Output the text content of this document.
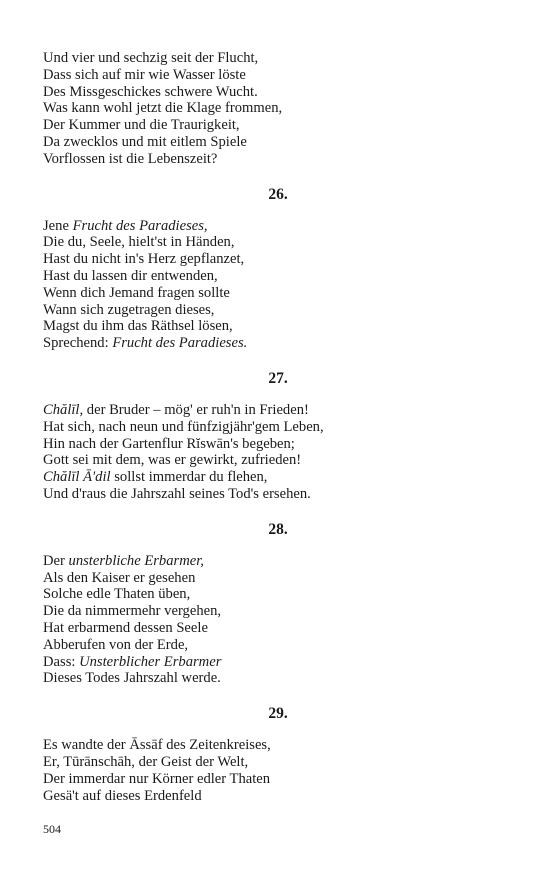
Und vier und sechzig seit der Flucht,
Dass sich auf mir wie Wasser löste
Des Missgeschickes schwere Wucht.
Was kann wohl jetzt die Klage frommen,
Der Kummer und die Traurigkeit,
Da zwecklos und mit eitlem Spiele
Vorflossen ist die Lebenszeit?
26.
Jene Frucht des Paradieses,
Die du, Seele, hielt'st in Händen,
Hast du nicht in's Herz gepflanzet,
Hast du lassen dir entwenden,
Wenn dich Jemand fragen sollte
Wann sich zugetragen dieses,
Magst du ihm das Räthsel lösen,
Sprechend: Frucht des Paradieses.
27.
Chălīl, der Bruder – mög' er ruh'n in Frieden!
Hat sich, nach neun und fünfzigjähr'gem Leben,
Hin nach der Gartenflur Rĭswān's begeben;
Gott sei mit dem, was er gewirkt, zufrieden!
Chălīl Ā'dil sollst immerdar du flehen,
Und d'raus die Jahrszahl seines Tod's ersehen.
28.
Der unsterbliche Erbarmer,
Als den Kaiser er gesehen
Solche edle Thaten üben,
Die da nimmermehr vergehen,
Hat erbarmend dessen Seele
Abberufen von der Erde,
Dass: Unsterblicher Erbarmer
Dieses Todes Jahrszahl werde.
29.
Es wandte der Āssāf des Zeitenkreises,
Er, Tūrānschāh, der Geist der Welt,
Der immerdar nur Körner edler Thaten
Gesä't auf dieses Erdenfeld
504
